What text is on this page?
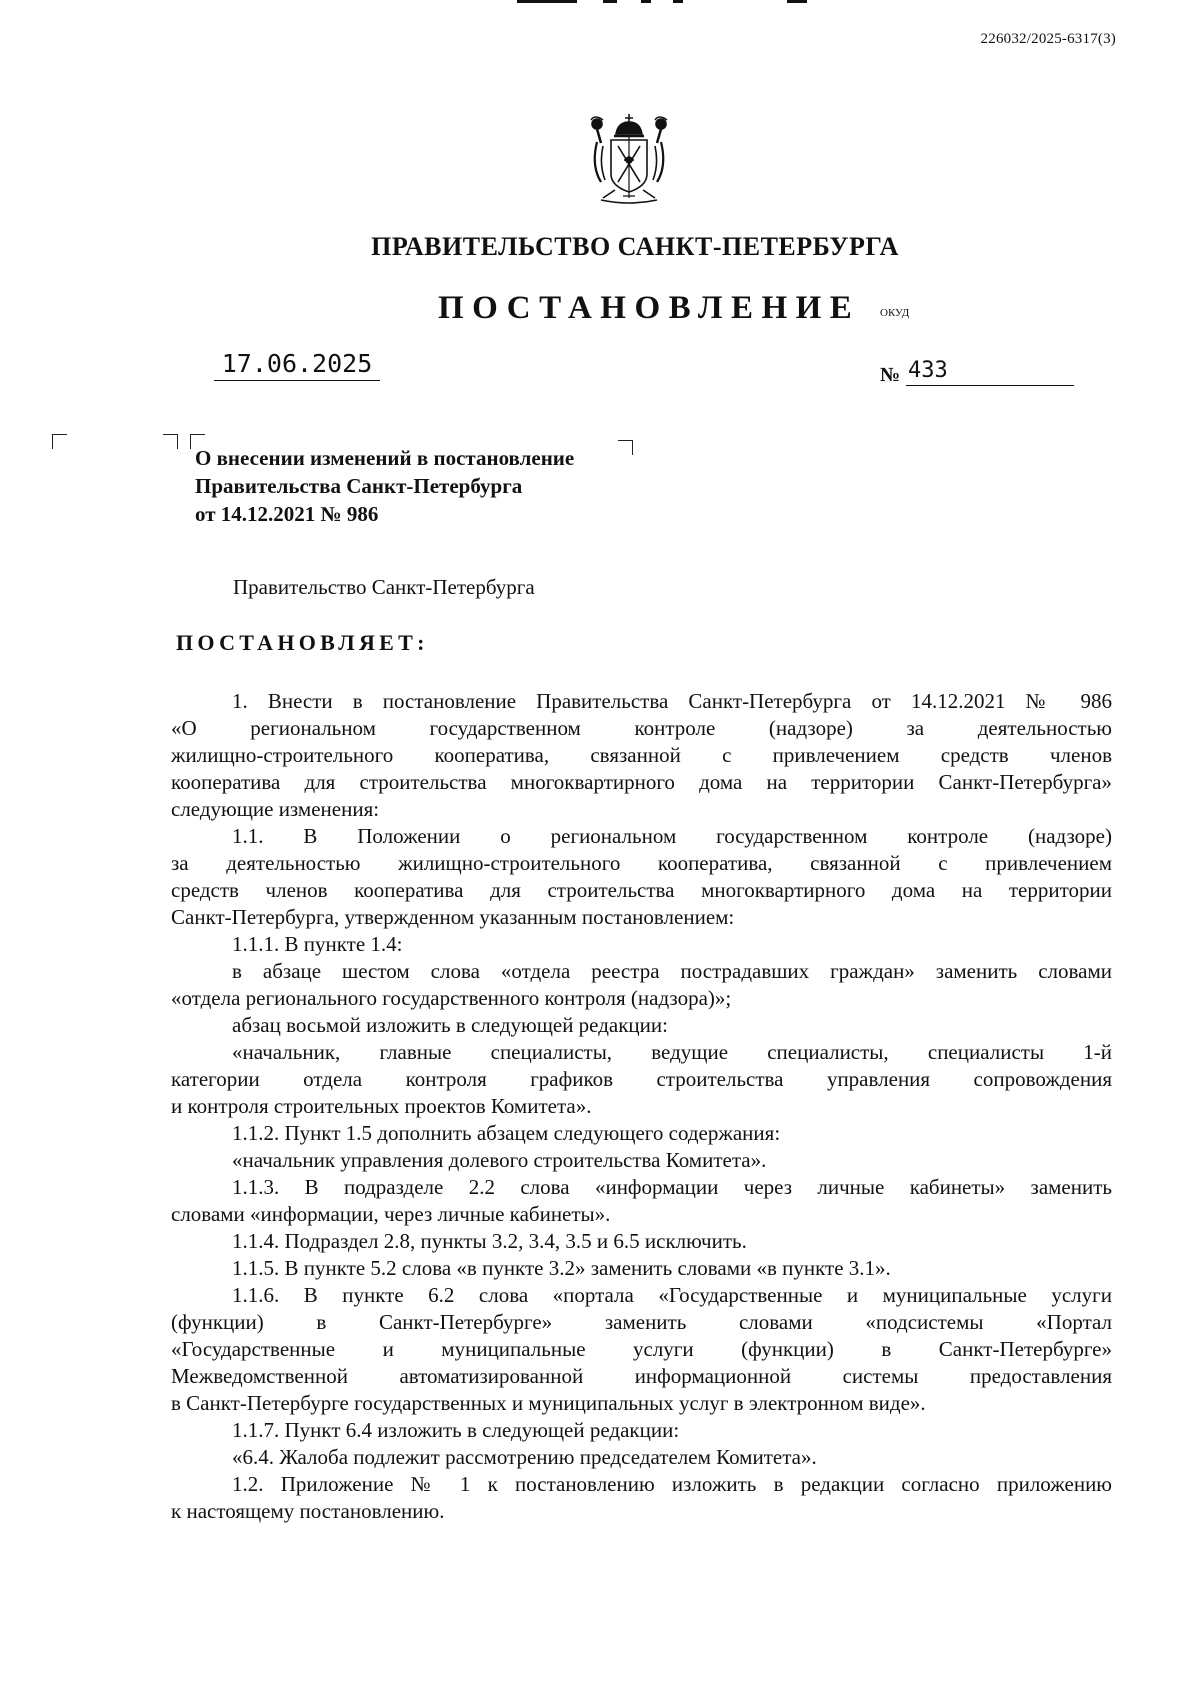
226032/2025-6317(3)
ПРАВИТЕЛЬСТВО САНКТ-ПЕТЕРБУРГА
ПОСТАНОВЛЕНИЕ ОКУД
17.06.2025	№ 433
О внесении изменений в постановление
Правительства Санкт-Петербурга
от 14.12.2021 № 986
Правительство Санкт-Петербурга
ПОСТАНОВЛЯЕТ:

1. Внести в постановление Правительства Санкт-Петербурга от 14.12.2021 № 986

«О региональном государственном контроле (надзоре) за деятельностью

жилищно-строительного кооператива, связанной с привлечением средств членов

кооператива для строительства многоквартирного дома на территории Санкт-Петербурга»

следующие изменения:

1.1. В Положении о региональном государственном контроле (надзоре)

за деятельностью жилищно-строительного кооператива, связанной с привлечением

средств членов кооператива для строительства многоквартирного дома на территории

Санкт-Петербурга, утвержденном указанным постановлением:

1.1.1. В пункте 1.4:

в абзаце шестом слова «отдела реестра пострадавших граждан» заменить словами

«отдела регионального государственного контроля (надзора)»;

абзац восьмой изложить в следующей редакции:

«начальник, главные специалисты, ведущие специалисты, специалисты 1-й

категории отдела контроля графиков строительства управления сопровождения

и контроля строительных проектов Комитета».

1.1.2. Пункт 1.5 дополнить абзацем следующего содержания:

«начальник управления долевого строительства Комитета».

1.1.3. В подразделе 2.2 слова «информации через личные кабинеты» заменить

словами «информации, через личные кабинеты».

1.1.4. Подраздел 2.8, пункты 3.2, 3.4, 3.5 и 6.5 исключить.

1.1.5. В пункте 5.2 слова «в пункте 3.2» заменить словами «в пункте 3.1».

1.1.6. В пункте 6.2 слова «портала «Государственные и муниципальные услуги

(функции) в Санкт-Петербурге» заменить словами «подсистемы «Портал

«Государственные и муниципальные услуги (функции) в Санкт-Петербурге»

Межведомственной автоматизированной информационной системы предоставления

в Санкт-Петербурге государственных и муниципальных услуг в электронном виде».

1.1.7. Пункт 6.4 изложить в следующей редакции:

«6.4. Жалоба подлежит рассмотрению председателем Комитета».

1.2. Приложение № 1 к постановлению изложить в редакции согласно приложению

к настоящему постановлению.
